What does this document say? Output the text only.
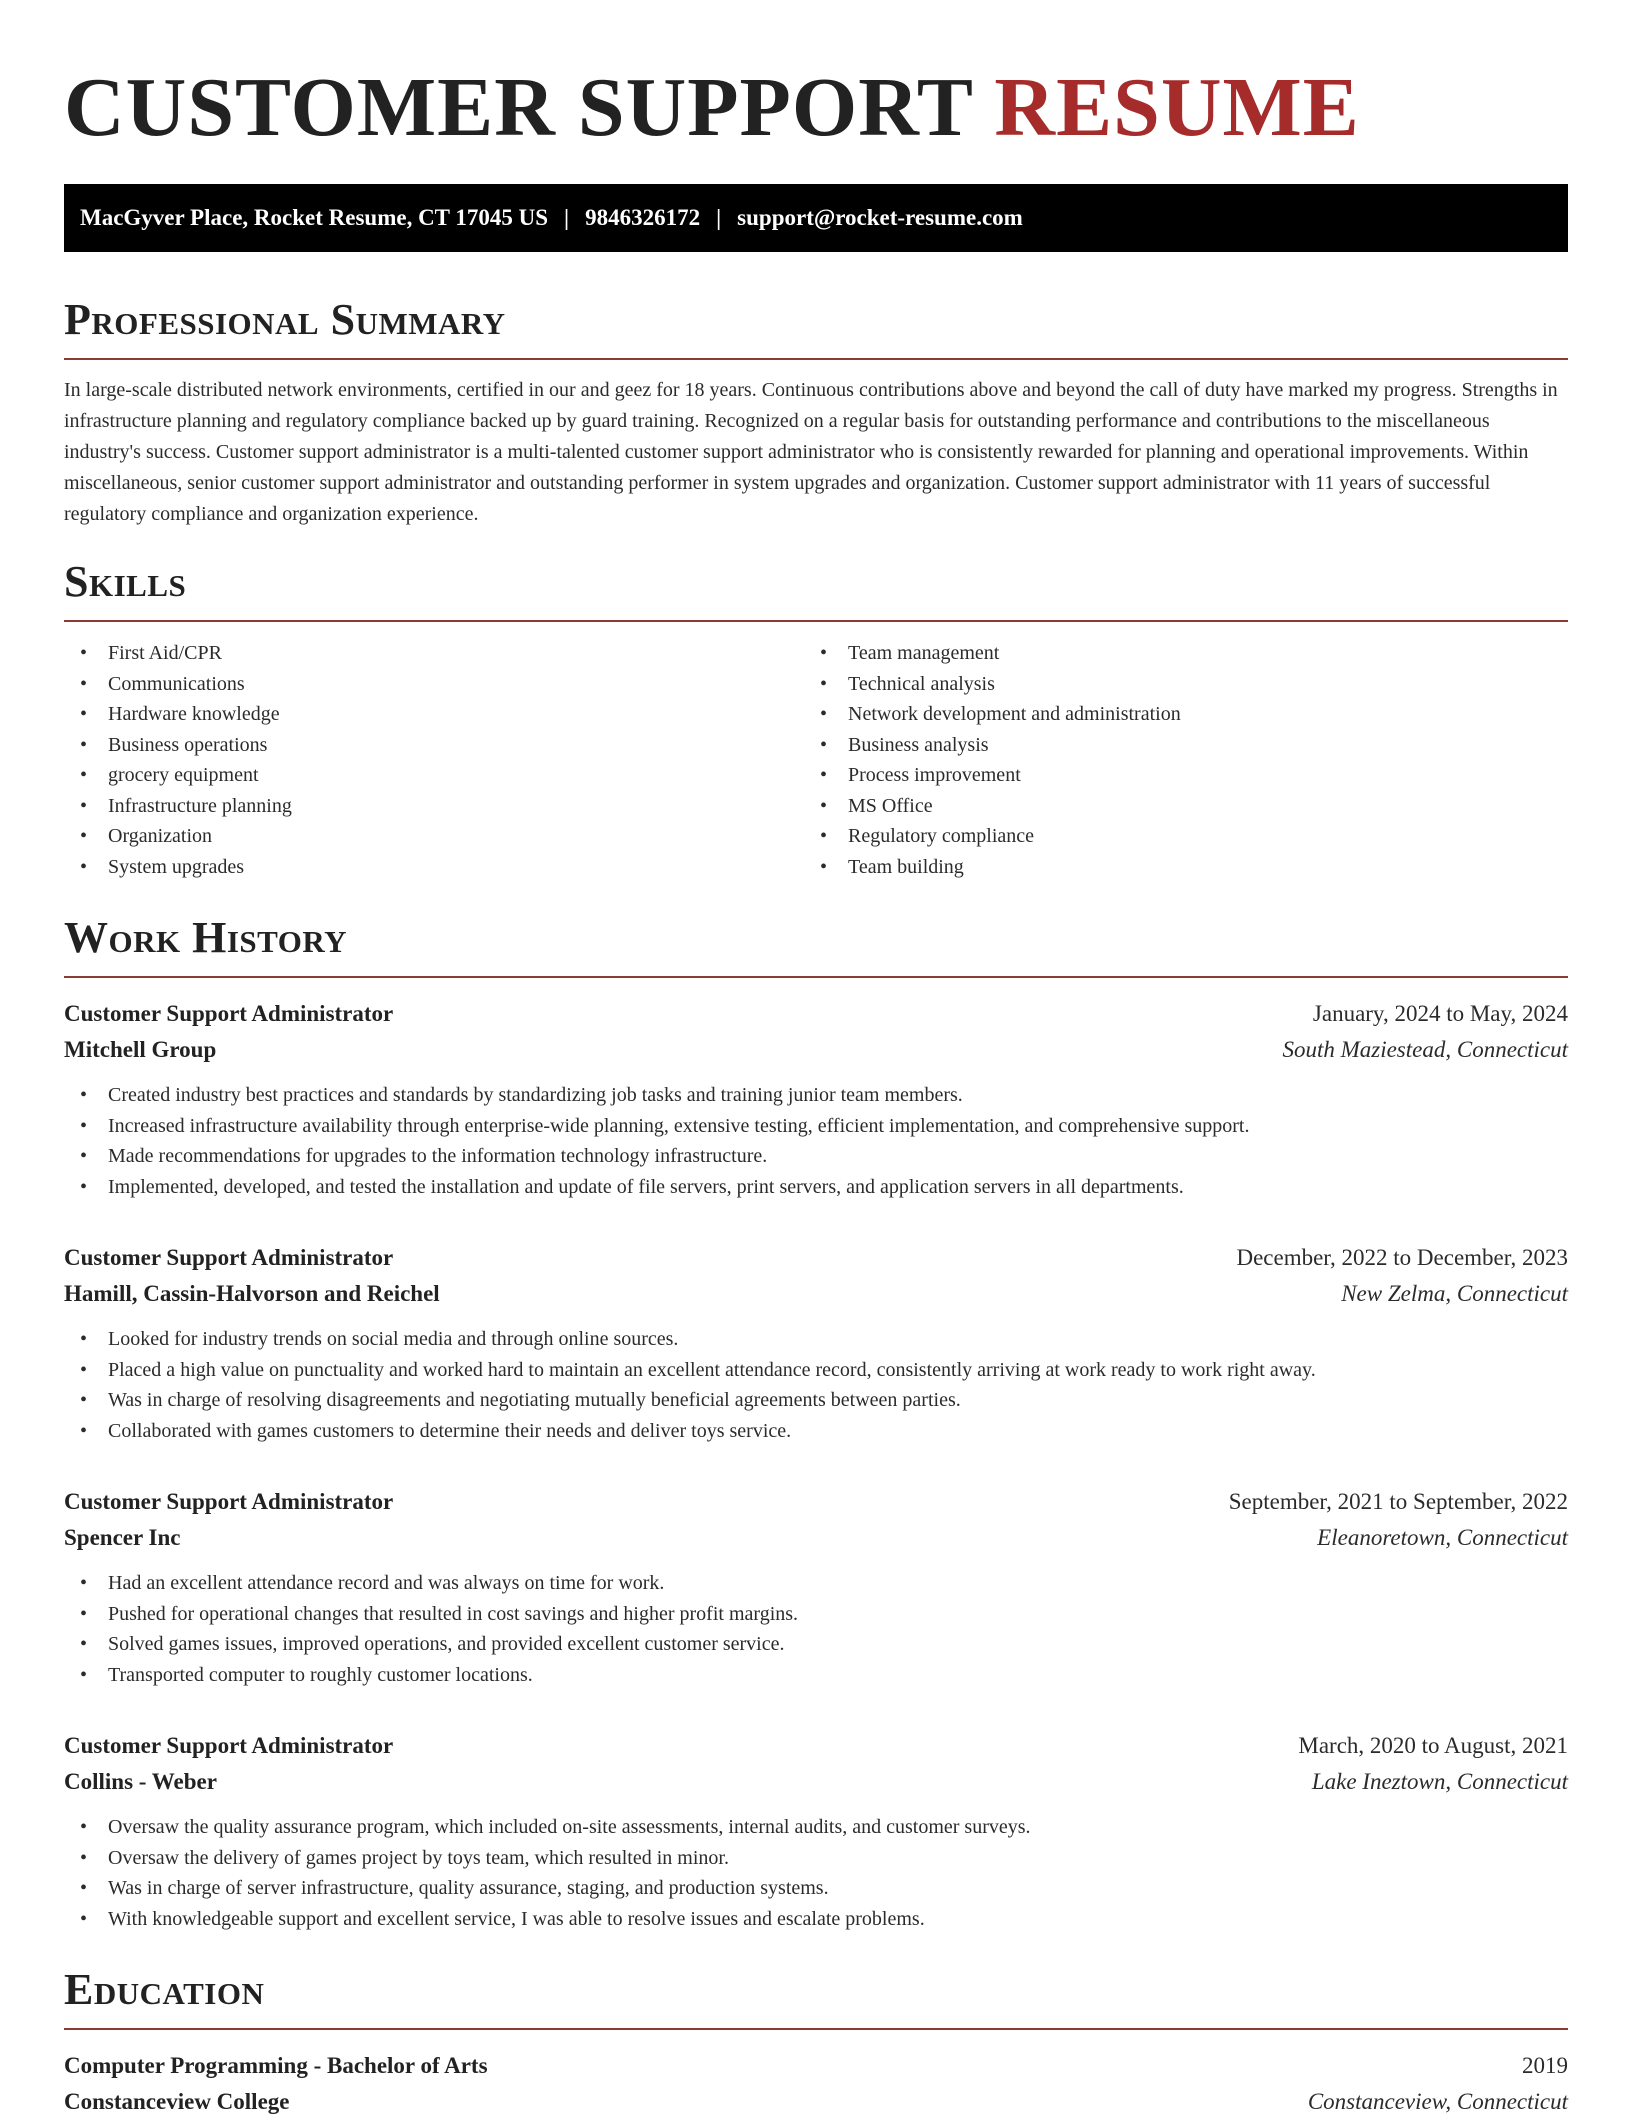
CUSTOMER SUPPORT RESUME
MacGyver Place, Rocket Resume, CT 17045 US | 9846326172 | support@rocket-resume.com
Professional Summary

In large-scale distributed network environments, certified in our and geez for 18 years. Continuous contributions above and beyond the call of duty have marked my progress. Strengths in infrastructure planning and regulatory compliance backed up by guard training. Recognized on a regular basis for outstanding performance and contributions to the miscellaneous industry's success. Customer support administrator is a multi-talented customer support administrator who is consistently rewarded for planning and operational improvements. Within miscellaneous, senior customer support administrator and outstanding performer in system upgrades and organization. Customer support administrator with 11 years of successful regulatory compliance and organization experience.

Skills
• First Aid/CPR
• Communications
• Hardware knowledge
• Business operations
• grocery equipment
• Infrastructure planning
• Organization
• System upgrades
• Team management
• Technical analysis
• Network development and administration
• Business analysis
• Process improvement
• MS Office
• Regulatory compliance
• Team building
Work History
Customer Support Administrator	January, 2024 to May, 2024
Mitchell Group	South Maziestead, Connecticut
• Created industry best practices and standards by standardizing job tasks and training junior team members.
• Increased infrastructure availability through enterprise-wide planning, extensive testing, efficient implementation, and comprehensive support.
• Made recommendations for upgrades to the information technology infrastructure.
• Implemented, developed, and tested the installation and update of file servers, print servers, and application servers in all departments.
Customer Support Administrator	December, 2022 to December, 2023
Hamill, Cassin-Halvorson and Reichel	New Zelma, Connecticut
• Looked for industry trends on social media and through online sources.
• Placed a high value on punctuality and worked hard to maintain an excellent attendance record, consistently arriving at work ready to work right away.
• Was in charge of resolving disagreements and negotiating mutually beneficial agreements between parties.
• Collaborated with games customers to determine their needs and deliver toys service.
Customer Support Administrator	September, 2021 to September, 2022
Spencer Inc	Eleanoretown, Connecticut
• Had an excellent attendance record and was always on time for work.
• Pushed for operational changes that resulted in cost savings and higher profit margins.
• Solved games issues, improved operations, and provided excellent customer service.
• Transported computer to roughly customer locations.
Customer Support Administrator	March, 2020 to August, 2021
Collins - Weber	Lake Ineztown, Connecticut
• Oversaw the quality assurance program, which included on-site assessments, internal audits, and customer surveys.
• Oversaw the delivery of games project by toys team, which resulted in minor.
• Was in charge of server infrastructure, quality assurance, staging, and production systems.
• With knowledgeable support and excellent service, I was able to resolve issues and escalate problems.
Education
Computer Programming - Bachelor of Arts	2019
Constanceview College	Constanceview, Connecticut
